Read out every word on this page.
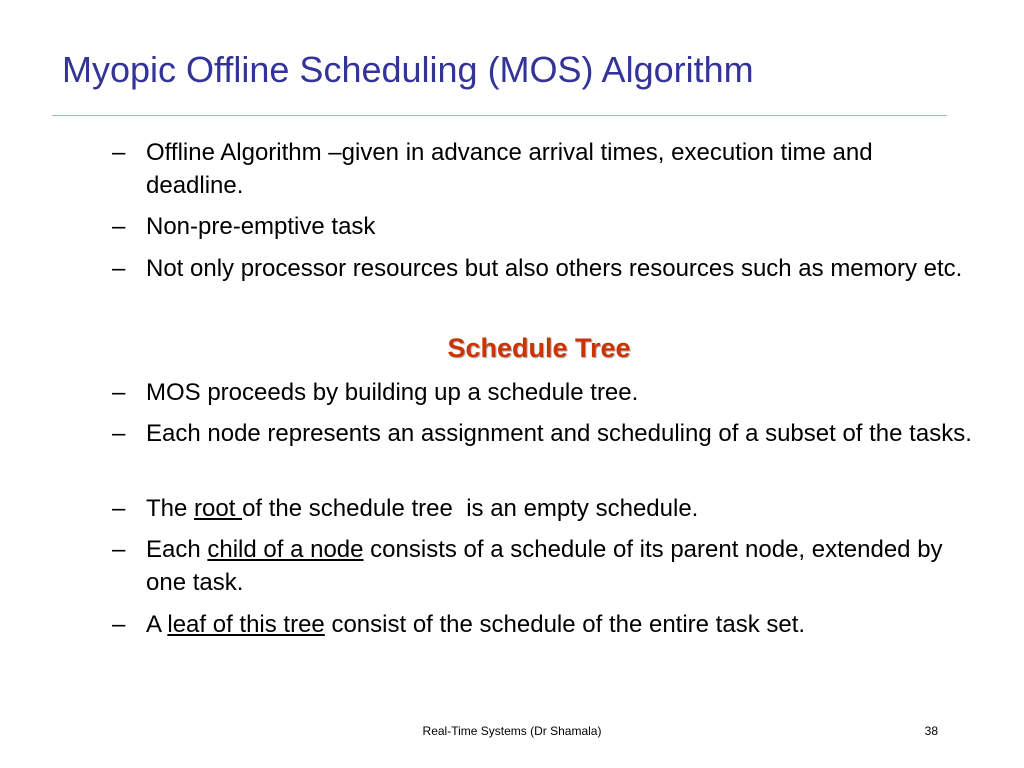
Myopic Offline Scheduling (MOS) Algorithm
– Offline Algorithm –given in advance arrival times, execution time and deadline.
– Non-pre-emptive task
– Not only processor resources but also others resources such as memory etc.
– MOS proceeds by building up a schedule tree.
– Each node represents an assignment and scheduling of a subset of the tasks.
– The root of the schedule tree  is an empty schedule.
– Each child of a node consists of a schedule of its parent node, extended by one task.
– A leaf of this tree consist of the schedule of the entire task set.
Schedule Tree
Real-Time Systems (Dr Shamala)	38
